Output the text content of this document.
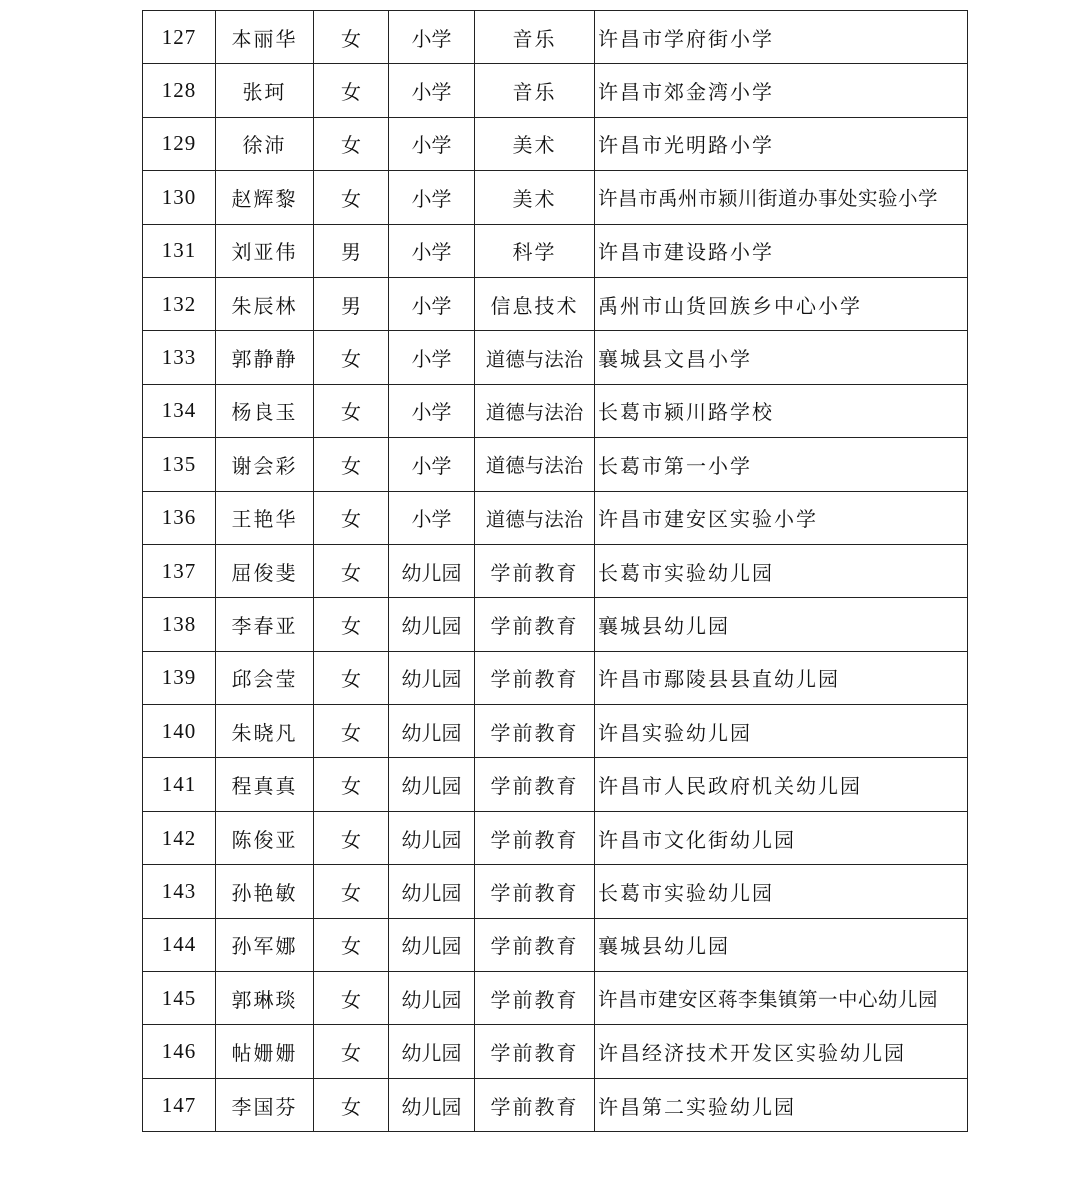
127	本丽华	女	小学	音乐	许昌市学府街小学
128	张珂	女	小学	音乐	许昌市郊金湾小学
129	徐沛	女	小学	美术	许昌市光明路小学
130	赵辉黎	女	小学	美术	许昌市禹州市颍川街道办事处实验小学
131	刘亚伟	男	小学	科学	许昌市建设路小学
132	朱辰林	男	小学	信息技术	禹州市山货回族乡中心小学
133	郭静静	女	小学	道德与法治	襄城县文昌小学
134	杨良玉	女	小学	道德与法治	长葛市颍川路学校
135	谢会彩	女	小学	道德与法治	长葛市第一小学
136	王艳华	女	小学	道德与法治	许昌市建安区实验小学
137	屈俊斐	女	幼儿园	学前教育	长葛市实验幼儿园
138	李春亚	女	幼儿园	学前教育	襄城县幼儿园
139	邱会莹	女	幼儿园	学前教育	许昌市鄢陵县县直幼儿园
140	朱晓凡	女	幼儿园	学前教育	许昌实验幼儿园
141	程真真	女	幼儿园	学前教育	许昌市人民政府机关幼儿园
142	陈俊亚	女	幼儿园	学前教育	许昌市文化街幼儿园
143	孙艳敏	女	幼儿园	学前教育	长葛市实验幼儿园
144	孙军娜	女	幼儿园	学前教育	襄城县幼儿园
145	郭琳琰	女	幼儿园	学前教育	许昌市建安区蒋李集镇第一中心幼儿园
146	帖姗姗	女	幼儿园	学前教育	许昌经济技术开发区实验幼儿园
147	李国芬	女	幼儿园	学前教育	许昌第二实验幼儿园
